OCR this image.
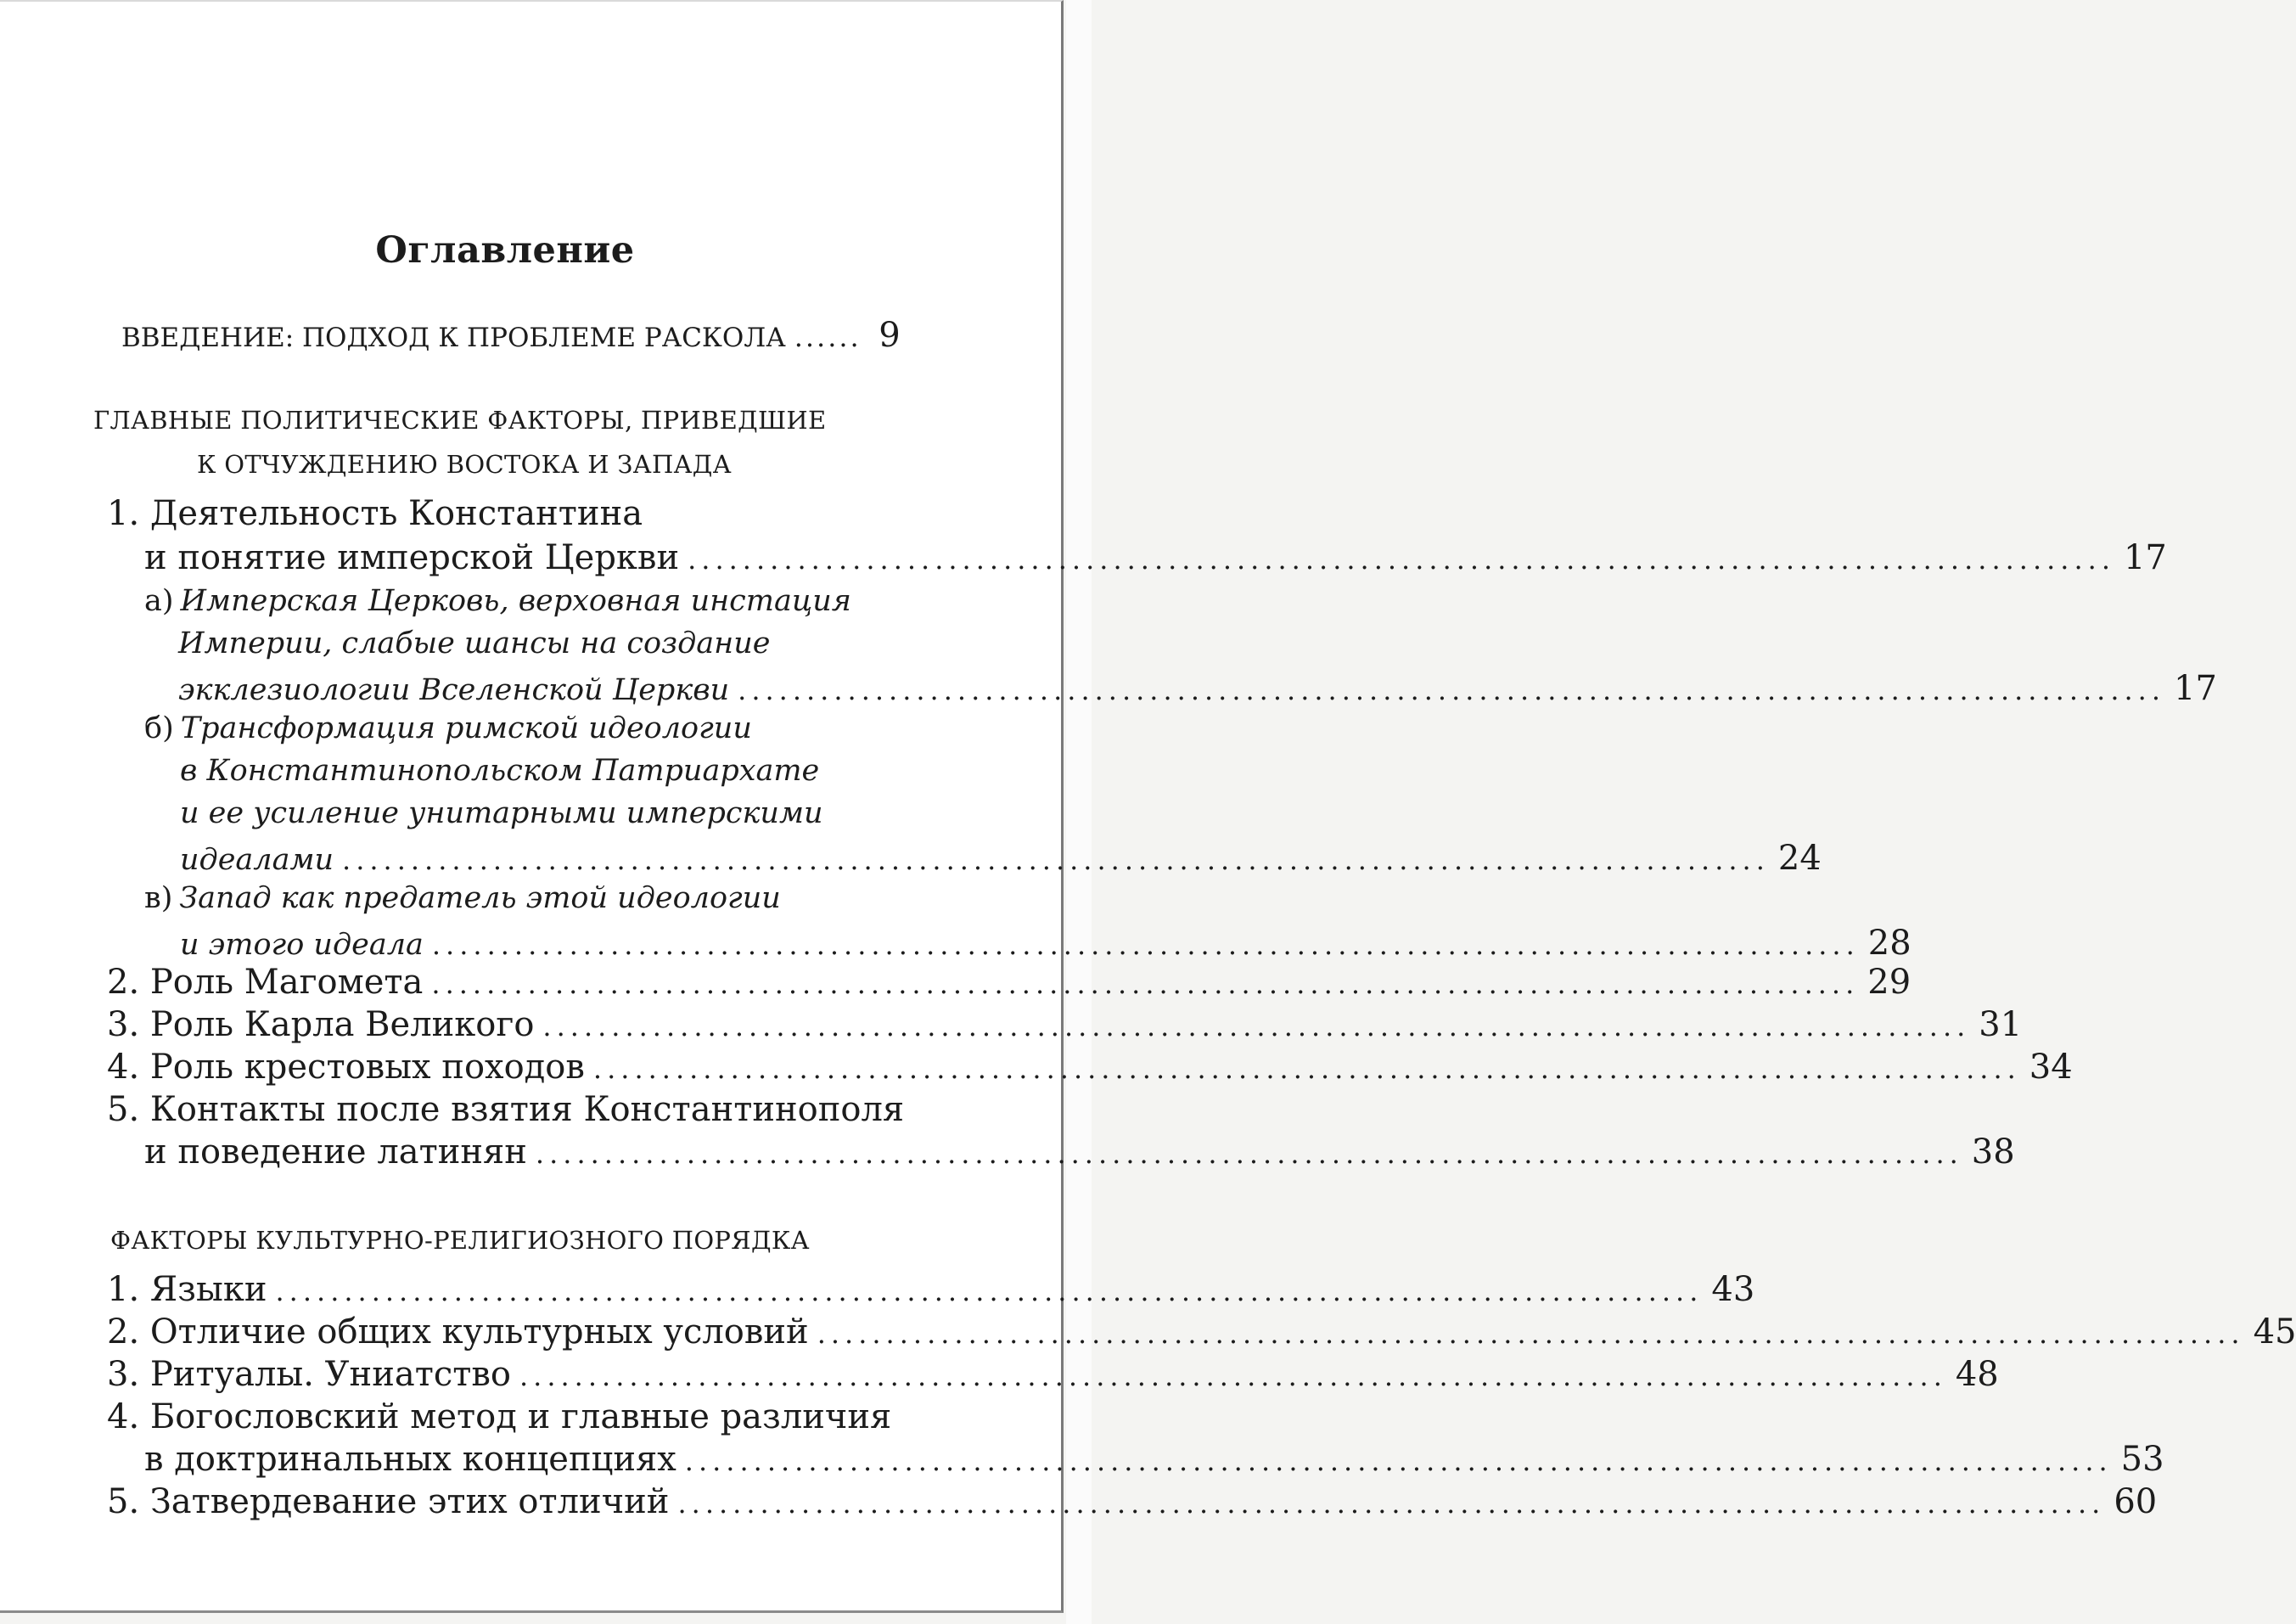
Оглавление
ВВЕДЕНИЕ: ПОДХОД К ПРОБЛЕМЕ РАСКОЛА ...... 9
ГЛАВНЫЕ ПОЛИТИЧЕСКИЕ ФАКТОРЫ, ПРИВЕДШИЕ
К ОТЧУЖДЕНИЮ ВОСТОКА И ЗАПАДА
1. Деятельность Константина
и понятие имперской Церкви ........................................................................................................ 17
а) Имперская Церковь, верховная инстация
Империи, слабые шансы на создание
экклезиологии Вселенской Церкви ........................................................................................................ 17
б) Трансформация римской идеологии
в Константинопольском Патриархате
и ее усиление унитарными имперскими
идеалами ........................................................................................................ 24
в) Запад как предатель этой идеологии
и этого идеала ........................................................................................................ 28
2. Роль Магомета ........................................................................................................ 29
3. Роль Карла Великого ........................................................................................................ 31
4. Роль крестовых походов ........................................................................................................ 34
5. Контакты после взятия Константинополя
и поведение латинян ........................................................................................................ 38
ФАКТОРЫ КУЛЬТУРНО-РЕЛИГИОЗНОГО ПОРЯДКА
1. Языки ........................................................................................................ 43
2. Отличие общих культурных условий ........................................................................................................ 45
3. Ритуалы. Униатство ........................................................................................................ 48
4. Богословский метод и главные различия
в доктринальных концепциях ........................................................................................................ 53
5. Затвердевание этих отличий ........................................................................................................ 60
